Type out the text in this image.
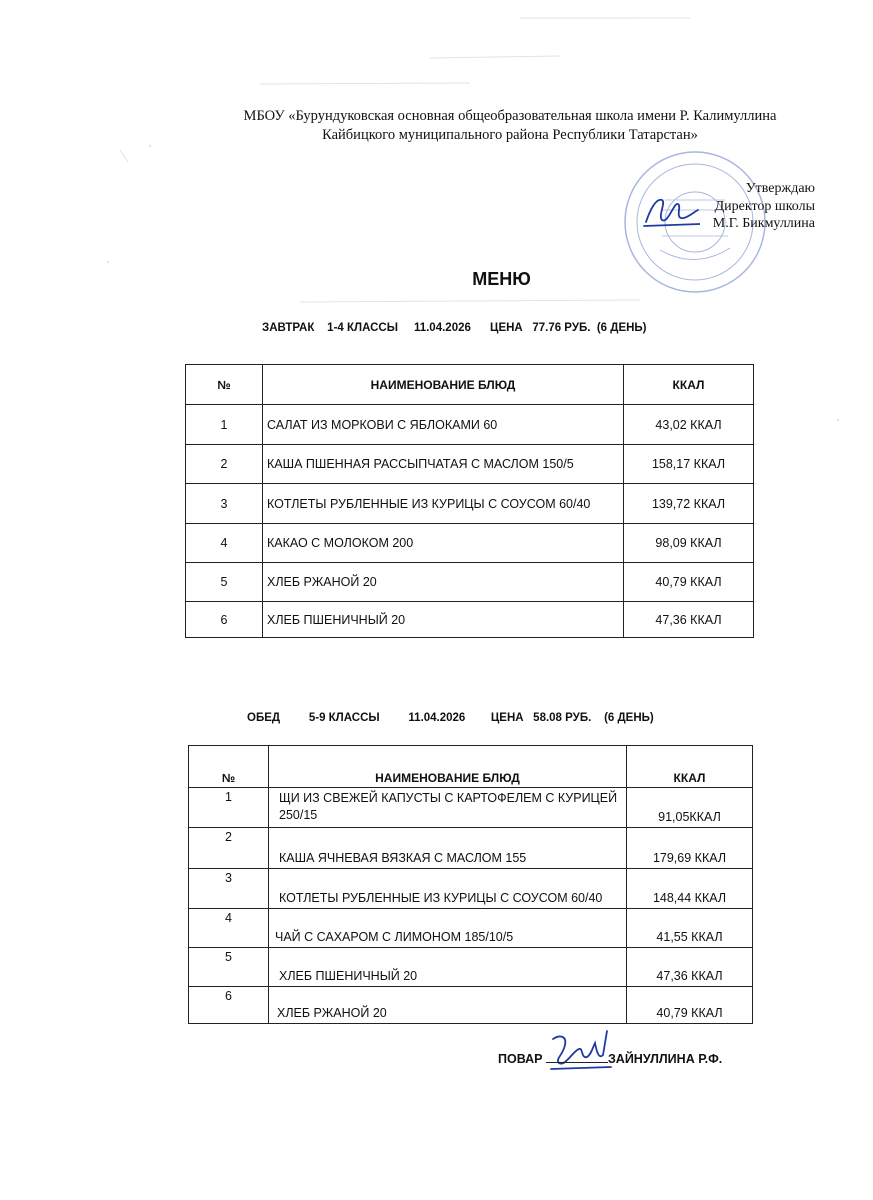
МБОУ «Бурундуковская основная общеобразовательная школа имени Р. Калимуллина
Кайбицкого муниципального района Республики Татарстан»
Утверждаю
Директор школы
М.Г. Бикмуллина
МЕНЮ
ЗАВТРАК 1-4 КЛАССЫ 11.04.2026 ЦЕНА 77.76 РУБ. (6 ДЕНЬ)
№	НАИМЕНОВАНИЕ БЛЮД	ККАЛ
1	САЛАТ ИЗ МОРКОВИ С ЯБЛОКАМИ 60	43,02 ККАЛ
2	КАША ПШЕННАЯ РАССЫПЧАТАЯ С МАСЛОМ 150/5	158,17 ККАЛ
3	КОТЛЕТЫ РУБЛЕННЫЕ ИЗ КУРИЦЫ С СОУСОМ 60/40	139,72 ККАЛ
4	КАКАО С МОЛОКОМ 200	98,09 ККАЛ
5	ХЛЕБ РЖАНОЙ 20	40,79 ККАЛ
6	ХЛЕБ ПШЕНИЧНЫЙ 20	47,36 ККАЛ
ОБЕД	5-9 КЛАССЫ	11.04.2026 ЦЕНА 58.08 РУБ. (6 ДЕНЬ)
№	НАИМЕНОВАНИЕ БЛЮД	ККАЛ
1	ЩИ ИЗ СВЕЖЕЙ КАПУСТЫ С КАРТОФЕЛЕМ С КУРИЦЕЙ 250/15	91,05ККАЛ
2	КАША ЯЧНЕВАЯ ВЯЗКАЯ С МАСЛОМ 155	179,69 ККАЛ
3	КОТЛЕТЫ РУБЛЕННЫЕ ИЗ КУРИЦЫ С СОУСОМ 60/40	148,44 ККАЛ
4	ЧАЙ С САХАРОМ С ЛИМОНОМ 185/10/5	41,55 ККАЛ
5	ХЛЕБ ПШЕНИЧНЫЙ 20	47,36 ККАЛ
6	ХЛЕБ РЖАНОЙ 20	40,79 ККАЛ
ПОВАР	ЗАЙНУЛЛИНА Р.Ф.
